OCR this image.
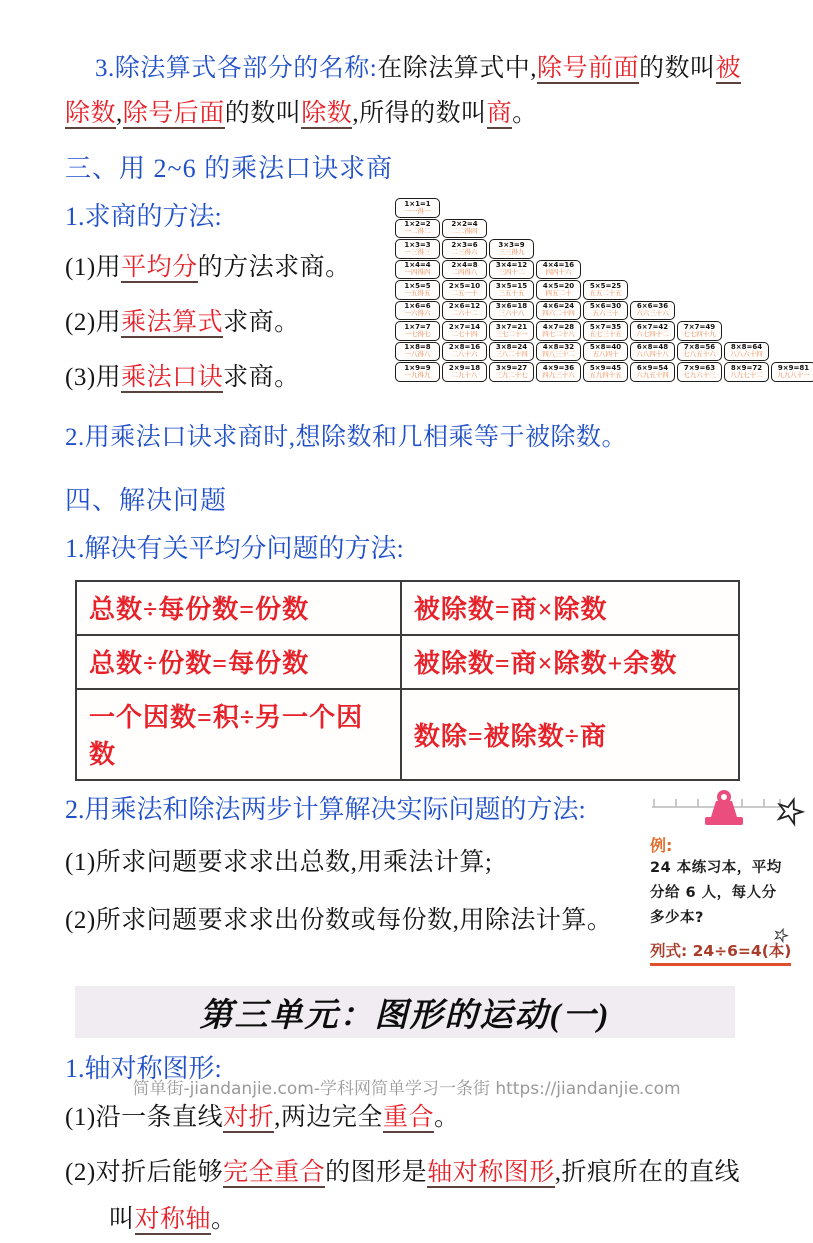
3.除法算式各部分的名称:在除法算式中,除号前面的数叫被除数,除号后面的数叫除数,所得的数叫商。

三、用 2~6 的乘法口诀求商
1.求商的方法:

(1)用平均分的方法求商。

(2)用乘法算式求商。

(3)用乘法口诀求商。

1×1=1
一一得一
1×2=2
一二得二
2×2=4
二二得四
1×3=3
一三得三
2×3=6
二三得六
3×3=9
三三得九
1×4=4
一四得四
2×4=8
二四得八
3×4=12
三四十二
4×4=16
四四十六
1×5=5
一五得五
2×5=10
二五一十
3×5=15
三五十五
4×5=20
四五二十
5×5=25
五五二十五
1×6=6
一六得六
2×6=12
二六十二
3×6=18
三六十八
4×6=24
四六二十四
5×6=30
五六三十
6×6=36
六六三十六
1×7=7
一七得七
2×7=14
二七十四
3×7=21
三七二十一
4×7=28
四七二十八
5×7=35
五七三十五
6×7=42
六七四十二
7×7=49
七七四十九
1×8=8
一八得八
2×8=16
二八十六
3×8=24
三八二十四
4×8=32
四八三十二
5×8=40
五八四十
6×8=48
六八四十八
7×8=56
七八五十六
8×8=64
八八六十四
1×9=9
一九得九
2×9=18
二九十八
3×9=27
三九二十七
4×9=36
四九三十六
5×9=45
五九四十五
6×9=54
六九五十四
7×9=63
七九六十三
8×9=72
八九七十二
9×9=81
九九八十一

2.用乘法口诀求商时,想除数和几相乘等于被除数。

四、解决问题
1.解决有关平均分问题的方法:
总数÷每份数=份数	被除数=商×除数
总数÷份数=每份数	被除数=商×除数+余数
一个因数=积÷另一个因数	数除=被除数÷商
2.用乘法和除法两步计算解决实际问题的方法:

(1)所求问题要求求出总数,用乘法计算;

(2)所求问题要求求出份数或每份数,用除法计算。

例:
24 本练习本，平均
分给 6 人，每人分
多少本?
列式: 24÷6=4(本)
第三单元：图形的运动(一)
1.轴对称图形:

(1)沿一条直线对折,两边完全重合。

(2)对折后能够完全重合的图形是轴对称图形,折痕所在的直线叫对称轴。

简单街-jiandanjie.com-学科网简单学习一条街 https://jiandanjie.com
